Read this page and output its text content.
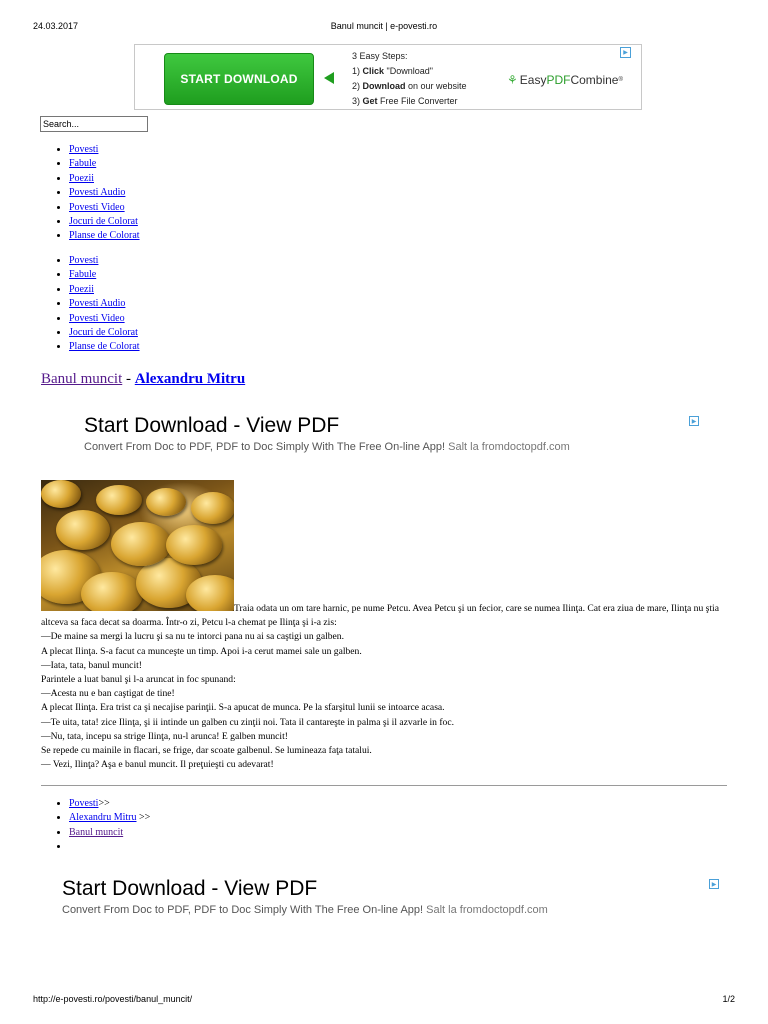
24.03.2017	Banul muncit | e-povesti.ro
START DOWNLOAD
3 Easy Steps:
1) Click "Download"
2) Download on our website
3) Get Free File Converter
⚘ Easy PDF Combine ®
▶
Search...
• Povesti
• Fabule
• Poezii
• Povesti Audio
• Povesti Video
• Jocuri de Colorat
• Planse de Colorat
• Povesti
• Fabule
• Poezii
• Povesti Audio
• Povesti Video
• Jocuri de Colorat
• Planse de Colorat
Banul muncit - Alexandru Mitru
Start Download - View PDF
Convert From Doc to PDF, PDF to Doc Simply With The Free On-line App! Salt la fromdoctopdf.com
▶

Traia odata un om tare harnic, pe nume Petcu. Avea Petcu şi un fecior, care se numea Ilinţa. Cat era ziua de mare, Ilinţa nu ştia altceva sa faca decat sa doarma. Într-o zi, Petcu l-a chemat pe Ilinţa şi i-a zis:

—De maine sa mergi la lucru şi sa nu te intorci pana nu ai sa caştigi un galben.

A plecat Ilinţa. S-a facut ca munceşte un timp. Apoi i-a cerut mamei sale un galben.

—Iata, tata, banul muncit!

Parintele a luat banul şi l-a aruncat in foc spunand:

—Acesta nu e ban caştigat de tine!

A plecat Ilinţa. Era trist ca şi necajise parinţii. S-a apucat de munca. Pe la sfarşitul lunii se intoarce acasa.

—Te uita, tata! zice Ilinţa, şi ii intinde un galben cu zinţii noi. Tata il cantareşte in palma şi il azvarle in foc.

—Nu, tata, incepu sa strige Ilinţa, nu-l arunca! E galben muncit!

Se repede cu mainile in flacari, se frige, dar scoate galbenul. Se lumineaza faţa tatalui.

— Vezi, Ilinţa? Aşa e banul muncit. Il preţuieşti cu adevarat!

• Povesti>>
• Alexandru Mitru >>
• Banul muncit
•
Start Download - View PDF
Convert From Doc to PDF, PDF to Doc Simply With The Free On-line App! Salt la fromdoctopdf.com
▶
http://e-povesti.ro/povesti/banul_muncit/	1/2
